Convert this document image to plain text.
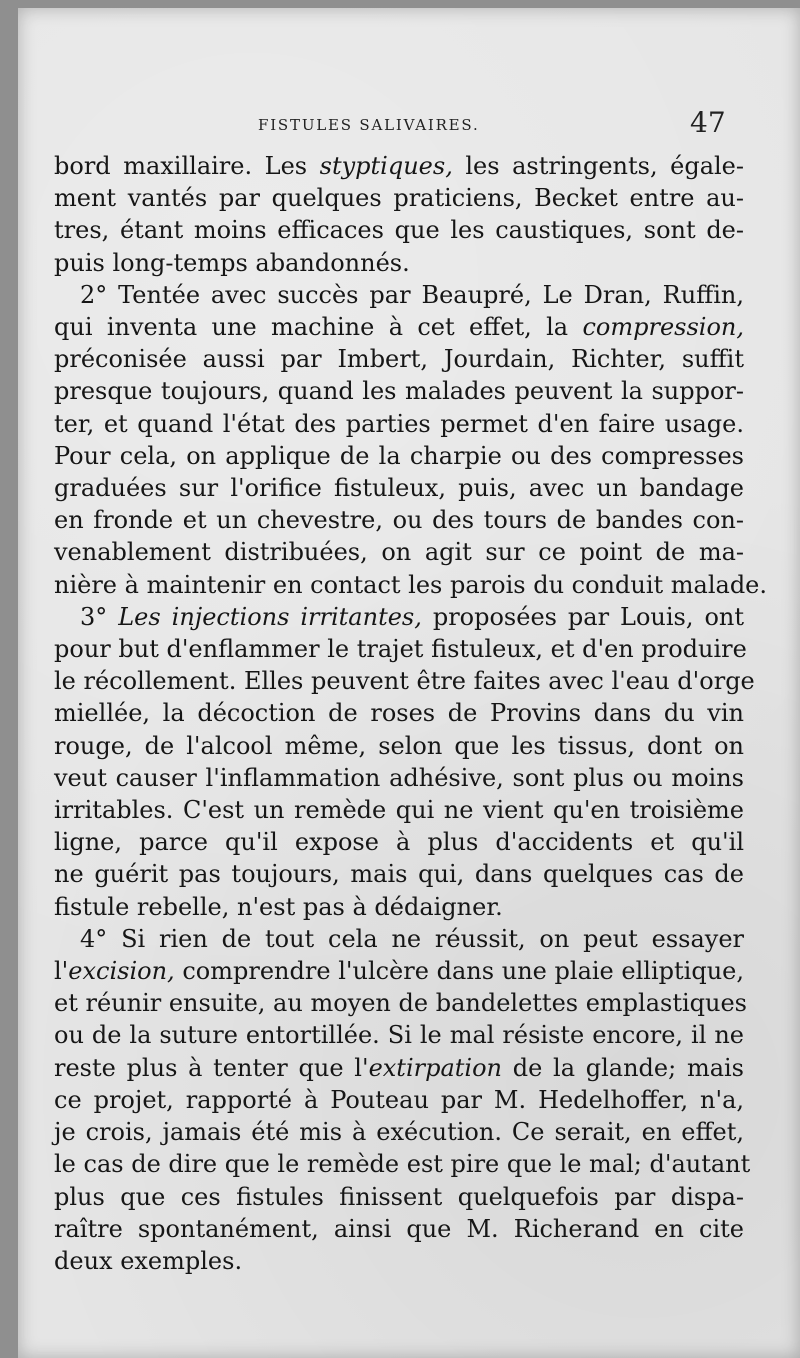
FISTULES SALIVAIRES.	47
bord maxillaire. Les styptiques, les astringents, égale-
ment vantés par quelques praticiens, Becket entre au-
tres, étant moins efficaces que les caustiques, sont de-
puis long-temps abandonnés.
2° Tentée avec succès par Beaupré, Le Dran, Ruffin,
qui inventa une machine à cet effet, la compression,
préconisée aussi par Imbert, Jourdain, Richter, suffit
presque toujours, quand les malades peuvent la suppor-
ter, et quand l'état des parties permet d'en faire usage.
Pour cela, on applique de la charpie ou des compresses
graduées sur l'orifice fistuleux, puis, avec un bandage
en fronde et un chevestre, ou des tours de bandes con-
venablement distribuées, on agit sur ce point de ma-
nière à maintenir en contact les parois du conduit malade.
3° Les injections irritantes, proposées par Louis, ont
pour but d'enflammer le trajet fistuleux, et d'en produire
le récollement. Elles peuvent être faites avec l'eau d'orge
miellée, la décoction de roses de Provins dans du vin
rouge, de l'alcool même, selon que les tissus, dont on
veut causer l'inflammation adhésive, sont plus ou moins
irritables. C'est un remède qui ne vient qu'en troisième
ligne, parce qu'il expose à plus d'accidents et qu'il
ne guérit pas toujours, mais qui, dans quelques cas de
fistule rebelle, n'est pas à dédaigner.
4° Si rien de tout cela ne réussit, on peut essayer
l'excision, comprendre l'ulcère dans une plaie elliptique,
et réunir ensuite, au moyen de bandelettes emplastiques
ou de la suture entortillée. Si le mal résiste encore, il ne
reste plus à tenter que l'extirpation de la glande; mais
ce projet, rapporté à Pouteau par M. Hedelhoffer, n'a,
je crois, jamais été mis à exécution. Ce serait, en effet,
le cas de dire que le remède est pire que le mal; d'autant
plus que ces fistules finissent quelquefois par dispa-
raître spontanément, ainsi que M. Richerand en cite
deux exemples.
